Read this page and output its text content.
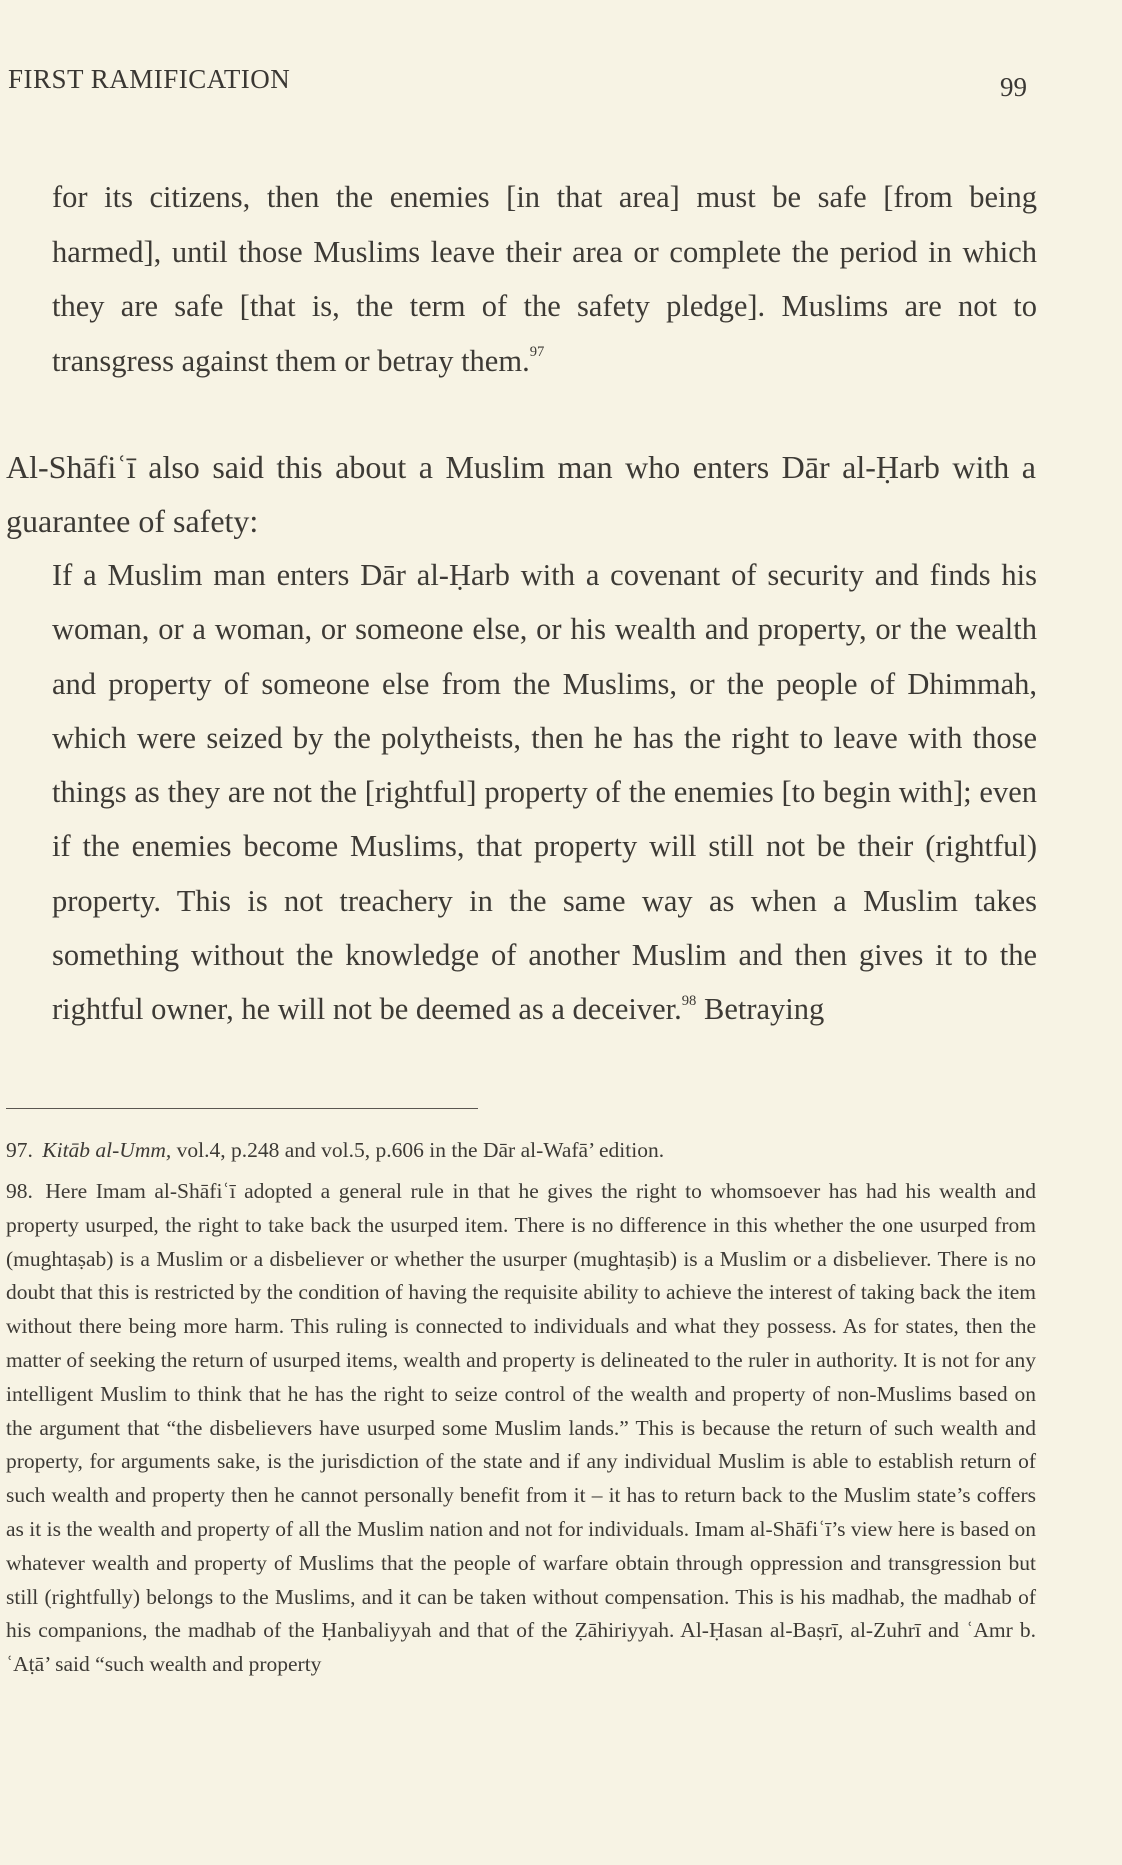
FIRST RAMIFICATION	99

for its citizens, then the enemies [in that area] must be safe [from being harmed], until those Muslims leave their area or complete the period in which they are safe [that is, the term of the safety pledge]. Muslims are not to transgress against them or betray them.$^{97}$

Al-Shāfiʿī also said this about a Muslim man who enters Dār al-Ḥarb with a guarantee of safety:

If a Muslim man enters Dār al-Ḥarb with a covenant of security and finds his woman, or a woman, or someone else, or his wealth and property, or the wealth and property of someone else from the Muslims, or the people of Dhimmah, which were seized by the polytheists, then he has the right to leave with those things as they are not the [rightful] property of the enemies [to begin with]; even if the enemies become Muslims, that property will still not be their (rightful) property. This is not treachery in the same way as when a Muslim takes something without the knowledge of another Muslim and then gives it to the rightful owner, he will not be deemed as a deceiver.$^{98}$ Betraying

97. Kitāb al-Umm, vol.4, p.248 and vol.5, p.606 in the Dār al-Wafā’ edition.

98. Here Imam al-Shāfiʿī adopted a general rule in that he gives the right to whomsoever has had his wealth and property usurped, the right to take back the usurped item. There is no difference in this whether the one usurped from (mughtaṣab) is a Muslim or a disbeliever or whether the usurper (mughtaṣib) is a Muslim or a disbeliever. There is no doubt that this is restricted by the condition of having the requisite ability to achieve the interest of taking back the item without there being more harm. This ruling is connected to individuals and what they possess. As for states, then the matter of seeking the return of usurped items, wealth and property is delineated to the ruler in authority. It is not for any intelligent Muslim to think that he has the right to seize control of the wealth and property of non-Muslims based on the argument that “the disbelievers have usurped some Muslim lands.” This is because the return of such wealth and property, for arguments sake, is the jurisdiction of the state and if any individual Muslim is able to establish return of such wealth and property then he cannot personally benefit from it – it has to return back to the Muslim state’s coffers as it is the wealth and property of all the Muslim nation and not for individuals. Imam al-Shāfiʿī’s view here is based on whatever wealth and property of Muslims that the people of warfare obtain through oppression and transgression but still (rightfully) belongs to the Muslims, and it can be taken without compensation. This is his madhab, the madhab of his companions, the madhab of the Ḥanbaliyyah and that of the Ẓāhiriyyah. Al-Ḥasan al-Baṣrī, al-Zuhrī and ʿAmr b. ʿAṭā’ said “such wealth and property
